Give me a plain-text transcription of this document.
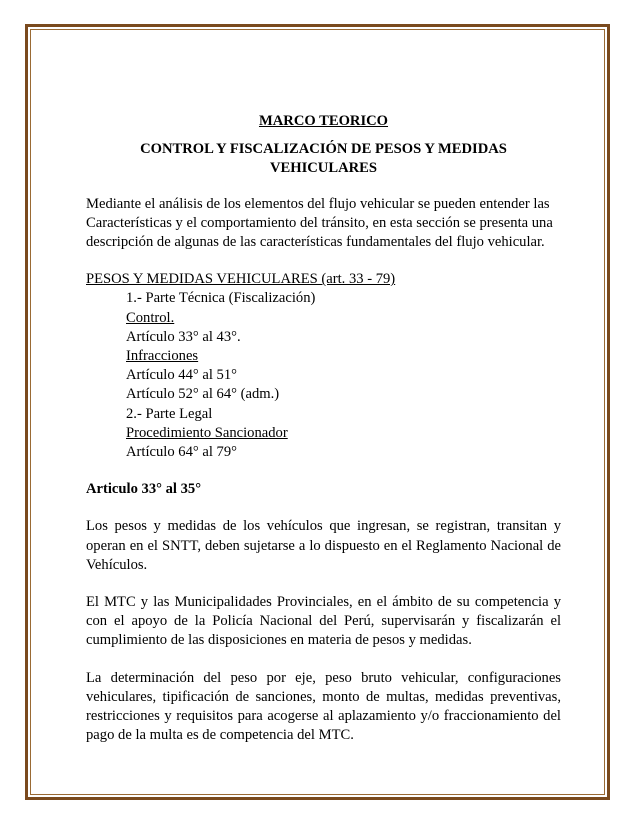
MARCO TEORICO

CONTROL Y FISCALIZACIÓN DE PESOS Y MEDIDAS VEHICULARES

Mediante el análisis de los elementos del flujo vehicular se pueden entender las Características y el comportamiento del tránsito, en esta sección se presenta una descripción de algunas de las características fundamentales del flujo vehicular.

PESOS Y MEDIDAS VEHICULARES (art. 33 - 79)

1.- Parte Técnica (Fiscalización)
Control.
Artículo 33° al 43°.
Infracciones
Artículo 44° al 51°
Artículo 52° al 64° (adm.)
2.- Parte Legal
Procedimiento Sancionador
Artículo 64° al 79°

Articulo 33° al 35°

Los pesos y medidas de los vehículos que ingresan, se registran, transitan y operan en el SNTT, deben sujetarse a lo dispuesto en el Reglamento Nacional de Vehículos.

El MTC y las Municipalidades Provinciales, en el ámbito de su competencia y con el apoyo de la Policía Nacional del Perú, supervisarán y fiscalizarán el cumplimiento de las disposiciones en materia de pesos y medidas.

La determinación del peso por eje, peso bruto vehicular, configuraciones vehiculares, tipificación de sanciones, monto de multas, medidas preventivas, restricciones y requisitos para acogerse al aplazamiento y/o fraccionamiento del pago de la multa es de competencia del MTC.
